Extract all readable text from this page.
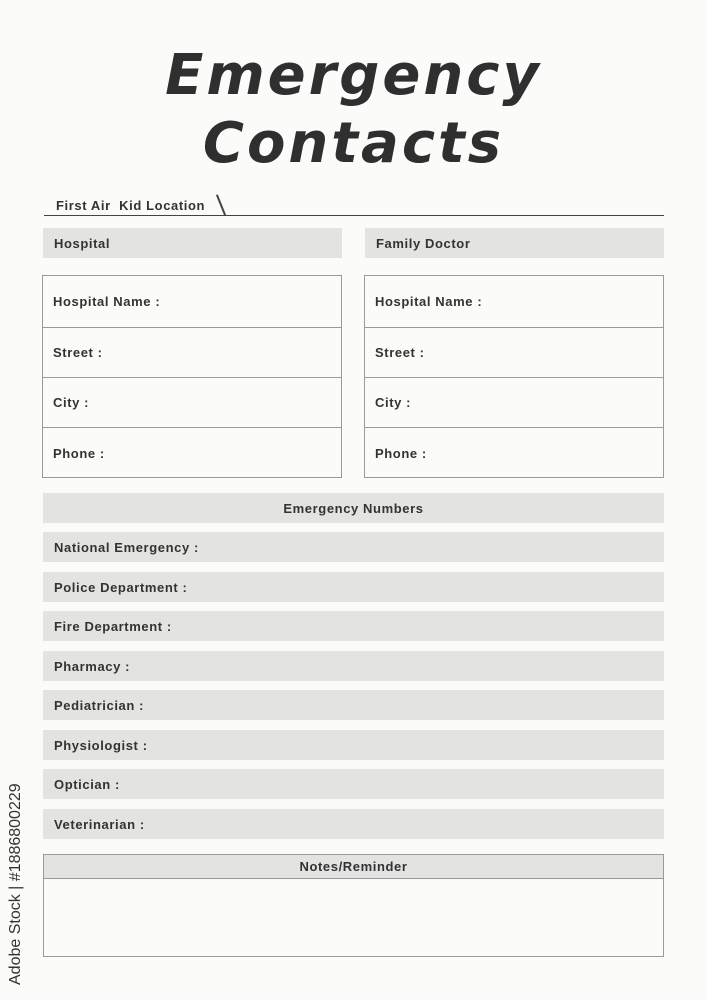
Emergency
Contacts
First Air  Kid Location
Hospital
Hospital Name :
Street :
City :
Phone :
Family Doctor
Hospital Name :
Street :
City :
Phone :
Emergency Numbers
National Emergency :
Police Department :
Fire Department :
Pharmacy :
Pediatrician :
Physiologist :
Optician :
Veterinarian :
Notes/Reminder
Adobe Stock | #1886800229
